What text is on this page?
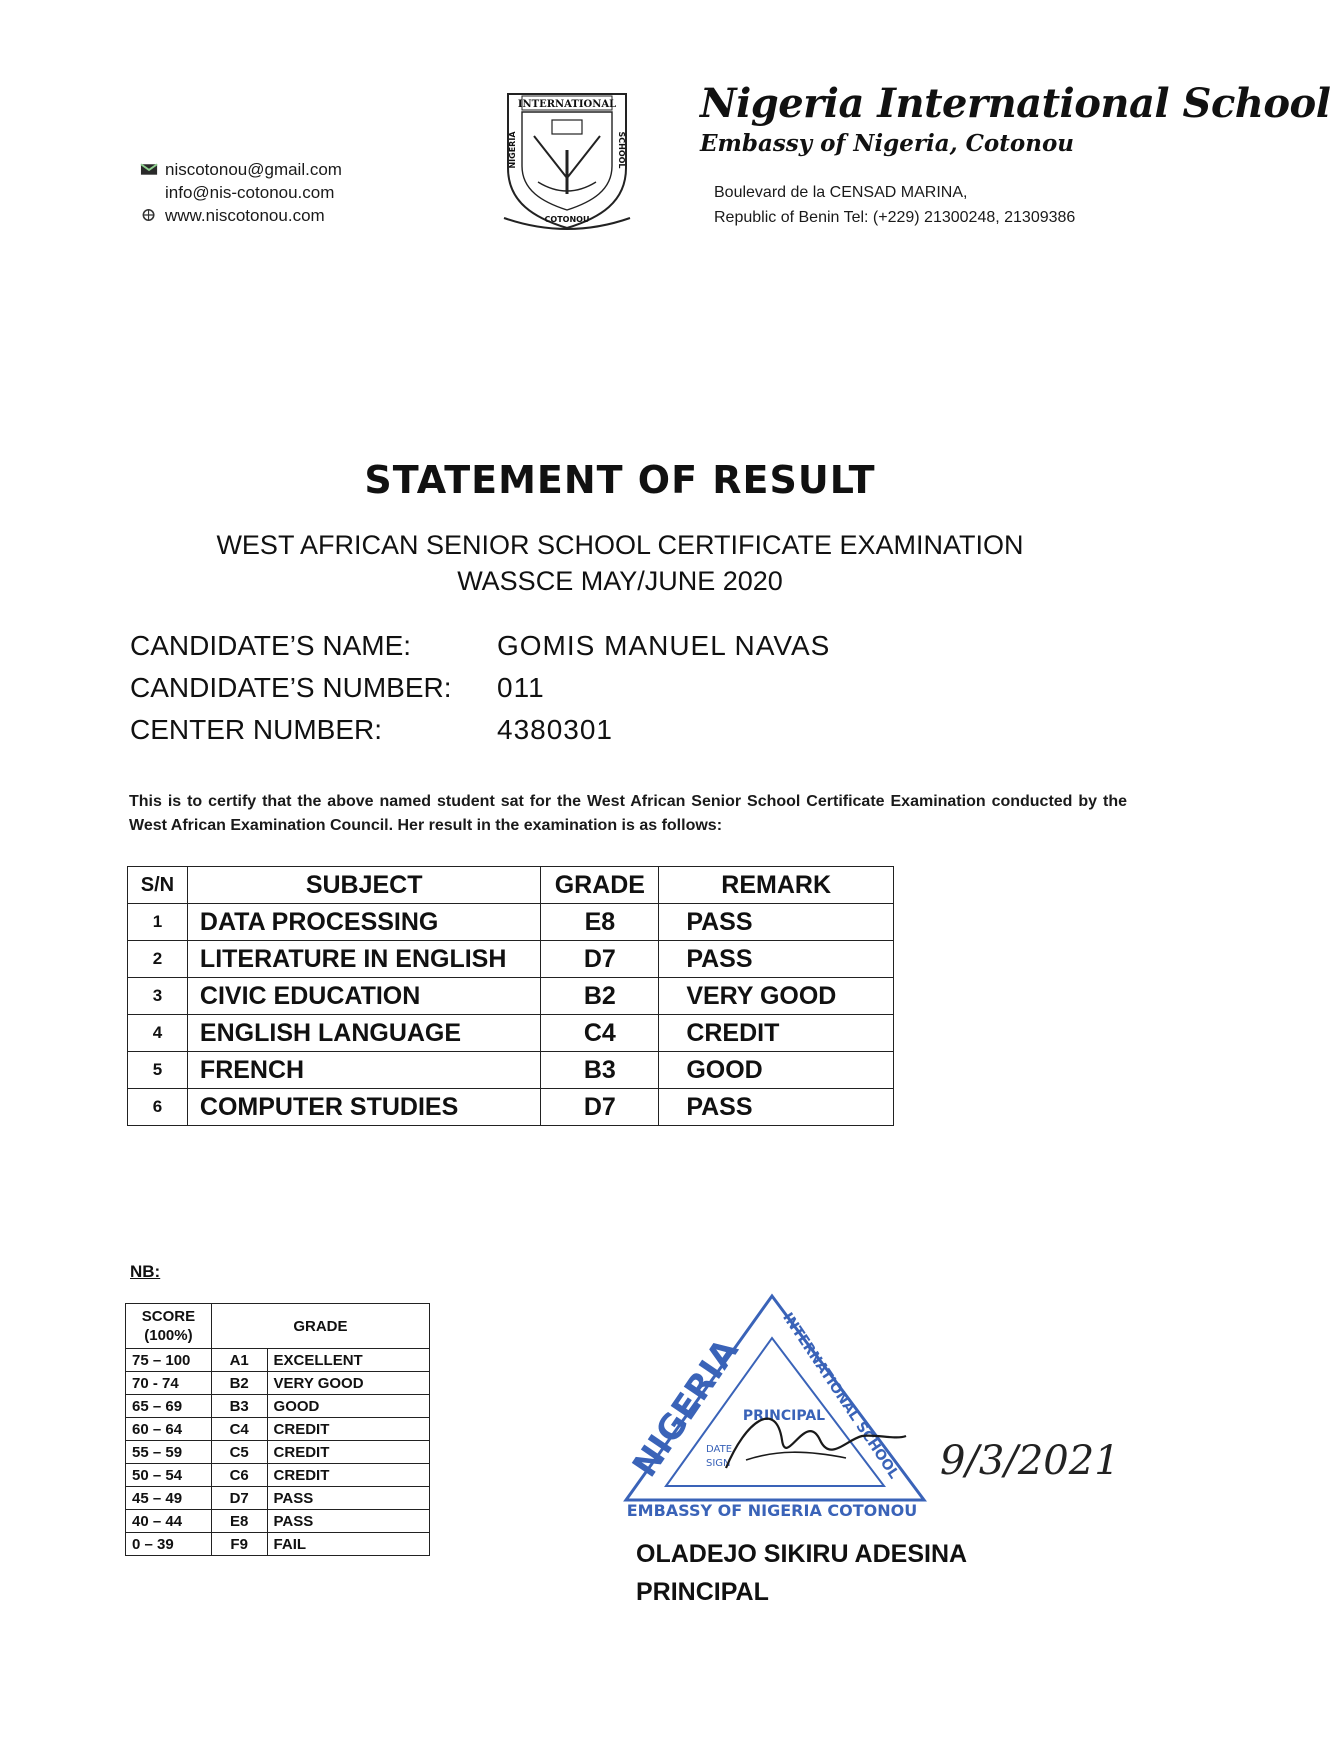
niscotonou@gmail.com
info@nis-cotonou.com
www.niscotonou.com
INTERNATIONAL
NIGERIA	SCHOOL
COTONOU
Nigeria International School
Embassy of Nigeria, Cotonou
Boulevard de la CENSAD MARINA,
Republic of Benin Tel: (+229) 21300248, 21309386
STATEMENT OF RESULT
WEST AFRICAN SENIOR SCHOOL CERTIFICATE EXAMINATION
WASSCE MAY/JUNE 2020
CANDIDATE’S NAME:	GOMIS MANUEL NAVAS
CANDIDATE’S NUMBER: 011
CENTER NUMBER:	4380301
This is to certify that the above named student sat for the West African Senior School Certificate Examination conducted by the West African Examination Council. Her result in the examination is as follows:
S/N	SUBJECT	GRADE	REMARK
1	DATA PROCESSING	E8	PASS
2	LITERATURE IN ENGLISH	D7	PASS
3	CIVIC EDUCATION	B2	VERY GOOD
4	ENGLISH LANGUAGE	C4	CREDIT
5	FRENCH	B3	GOOD
6	COMPUTER STUDIES	D7	PASS
NB:
SCORE (100%)	GRADE	
75 – 100	A1	EXCELLENT
70 - 74	B2	VERY GOOD
65 – 69	B3	GOOD
60 – 64	C4	CREDIT
55 – 59	C5	CREDIT
50 – 54	C6	CREDIT
45 – 49	D7	PASS
40 – 44	E8	PASS
0 – 39	F9	FAIL
NIGERIA
INTERNATIONAL SCHOOL
EMBASSY OF NIGERIA COTONOU
PRINCIPAL
DATE
SIGN	9/3/2021
OLADEJO SIKIRU ADESINA
PRINCIPAL
